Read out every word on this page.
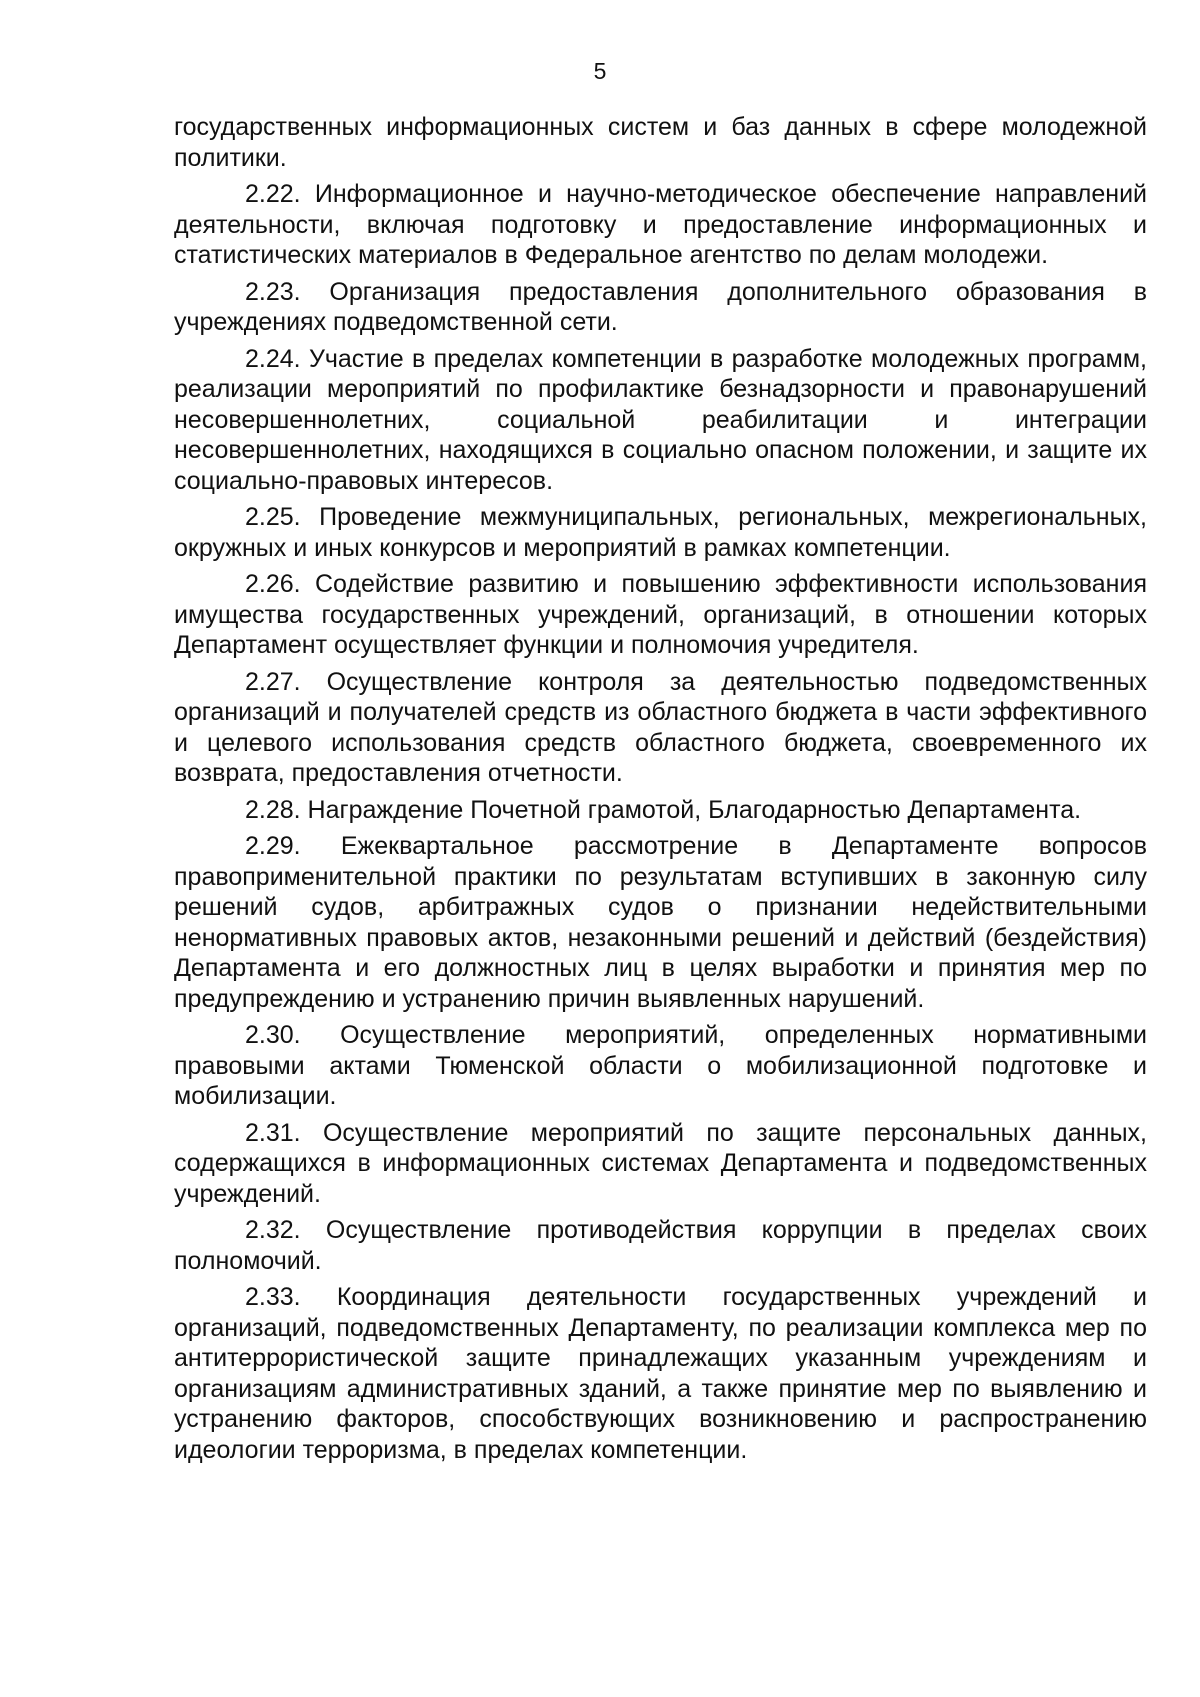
5

государственных информационных систем и баз данных в сфере молодежной политики.

2.22. Информационное и научно-методическое обеспечение направлений деятельности, включая подготовку и предоставление информационных и статистических материалов в Федеральное агентство по делам молодежи.

2.23. Организация предоставления дополнительного образования в учреждениях подведомственной сети.

2.24. Участие в пределах компетенции в разработке молодежных программ, реализации мероприятий по профилактике безнадзорности и правонарушений несовершеннолетних, социальной реабилитации и интеграции несовершеннолетних, находящихся в социально опасном положении, и защите их социально-правовых интересов.

2.25. Проведение межмуниципальных, региональных, межрегиональных, окружных и иных конкурсов и мероприятий в рамках компетенции.

2.26. Содействие развитию и повышению эффективности использования имущества государственных учреждений, организаций, в отношении которых Департамент осуществляет функции и полномочия учредителя.

2.27. Осуществление контроля за деятельностью подведомственных организаций и получателей средств из областного бюджета в части эффективного и целевого использования средств областного бюджета, своевременного их возврата, предоставления отчетности.

2.28. Награждение Почетной грамотой, Благодарностью Департамента.

2.29. Ежеквартальное рассмотрение в Департаменте вопросов правоприменительной практики по результатам вступивших в законную силу решений судов, арбитражных судов о признании недействительными ненормативных правовых актов, незаконными решений и действий (бездействия) Департамента и его должностных лиц в целях выработки и принятия мер по предупреждению и устранению причин выявленных нарушений.

2.30. Осуществление мероприятий, определенных нормативными правовыми актами Тюменской области о мобилизационной подготовке и мобилизации.

2.31. Осуществление мероприятий по защите персональных данных, содержащихся в информационных системах Департамента и подведомственных учреждений.

2.32. Осуществление противодействия коррупции в пределах своих полномочий.

2.33. Координация деятельности государственных учреждений и организаций, подведомственных Департаменту, по реализации комплекса мер по антитеррористической защите принадлежащих указанным учреждениям и организациям административных зданий, а также принятие мер по выявлению и устранению факторов, способствующих возникновению и распространению идеологии терроризма, в пределах компетенции.
